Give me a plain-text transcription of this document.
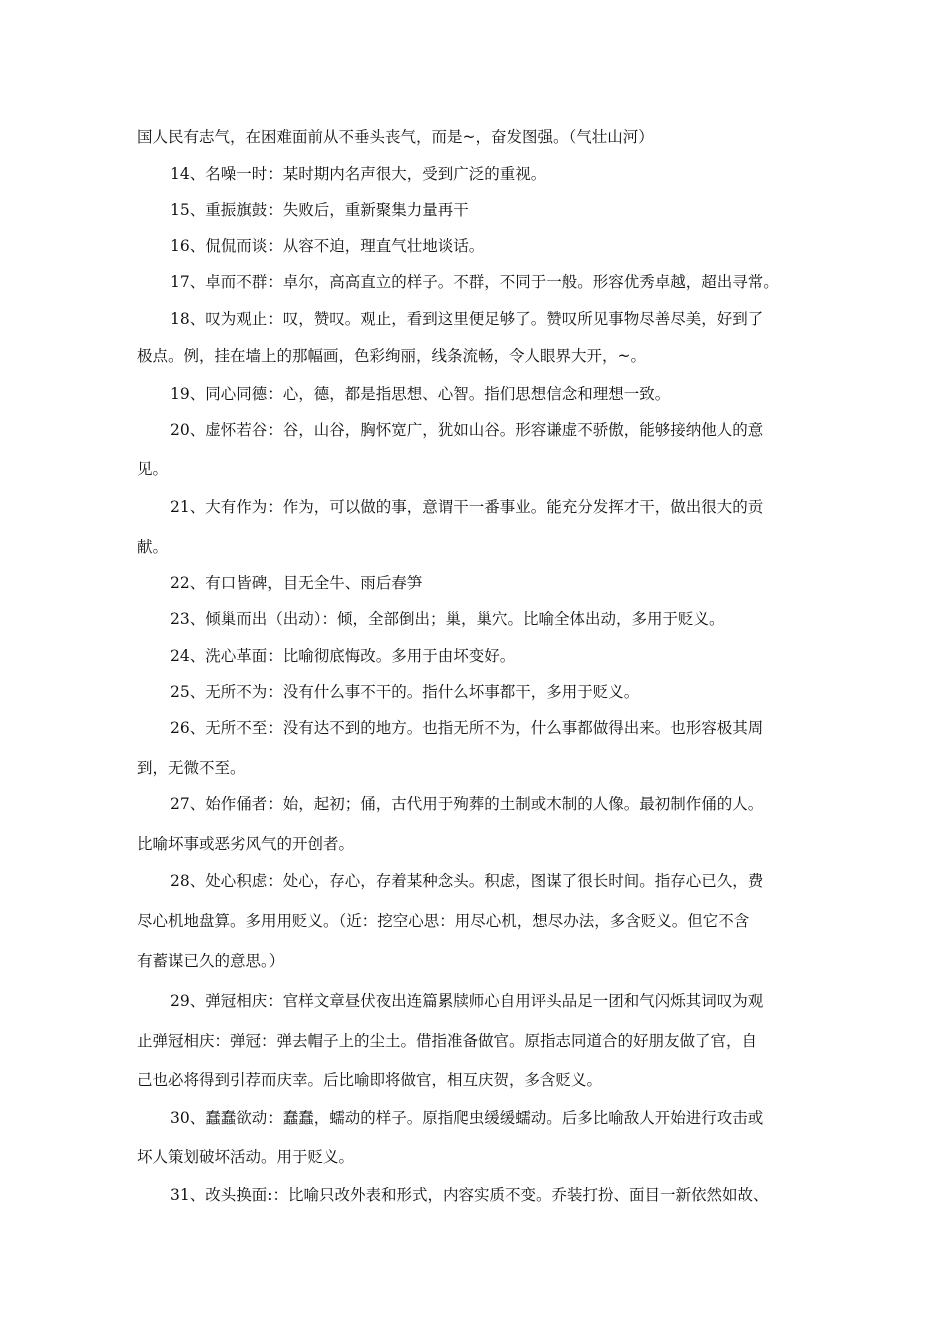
国人民有志气，在困难面前从不垂头丧气，而是~，奋发图强。（气壮山河）
14、名噪一时：某时期内名声很大，受到广泛的重视。
15、重振旗鼓：失败后，重新聚集力量再干
16、侃侃而谈：从容不迫，理直气壮地谈话。
17、卓而不群：卓尔，高高直立的样子。不群，不同于一般。形容优秀卓越，超出寻常。
18、叹为观止：叹，赞叹。观止，看到这里便足够了。赞叹所见事物尽善尽美，好到了
极点。例，挂在墙上的那幅画，色彩绚丽，线条流畅，令人眼界大开，~。
19、同心同德：心，德，都是指思想、心智。指们思想信念和理想一致。
20、虚怀若谷：谷，山谷，胸怀宽广，犹如山谷。形容谦虚不骄傲，能够接纳他人的意
见。
21、大有作为：作为，可以做的事，意谓干一番事业。能充分发挥才干，做出很大的贡
献。
22、有口皆碑，目无全牛、雨后春笋
23、倾巢而出（出动）：倾，全部倒出；巢，巢穴。比喻全体出动，多用于贬义。
24、洗心革面：比喻彻底悔改。多用于由坏变好。
25、无所不为：没有什么事不干的。指什么坏事都干，多用于贬义。
26、无所不至：没有达不到的地方。也指无所不为，什么事都做得出来。也形容极其周
到，无微不至。
27、始作俑者：始，起初；俑，古代用于殉葬的土制或木制的人像。最初制作俑的人。
比喻坏事或恶劣风气的开创者。
28、处心积虑：处心，存心，存着某种念头。积虑，图谋了很长时间。指存心已久，费
尽心机地盘算。多用用贬义。（近：挖空心思：用尽心机，想尽办法，多含贬义。但它不含
有蓄谋已久的意思。）
29、弹冠相庆：官样文章昼伏夜出连篇累牍师心自用评头品足一团和气闪烁其词叹为观
止弹冠相庆：弹冠：弹去帽子上的尘土。借指准备做官。原指志同道合的好朋友做了官，自
己也必将得到引荐而庆幸。后比喻即将做官，相互庆贺，多含贬义。
30、蠢蠢欲动：蠢蠢，蠕动的样子。原指爬虫缓缓蠕动。后多比喻敌人开始进行攻击或
坏人策划破坏活动。用于贬义。
31、改头换面:：比喻只改外表和形式，内容实质不变。乔装打扮、面目一新依然如故、
